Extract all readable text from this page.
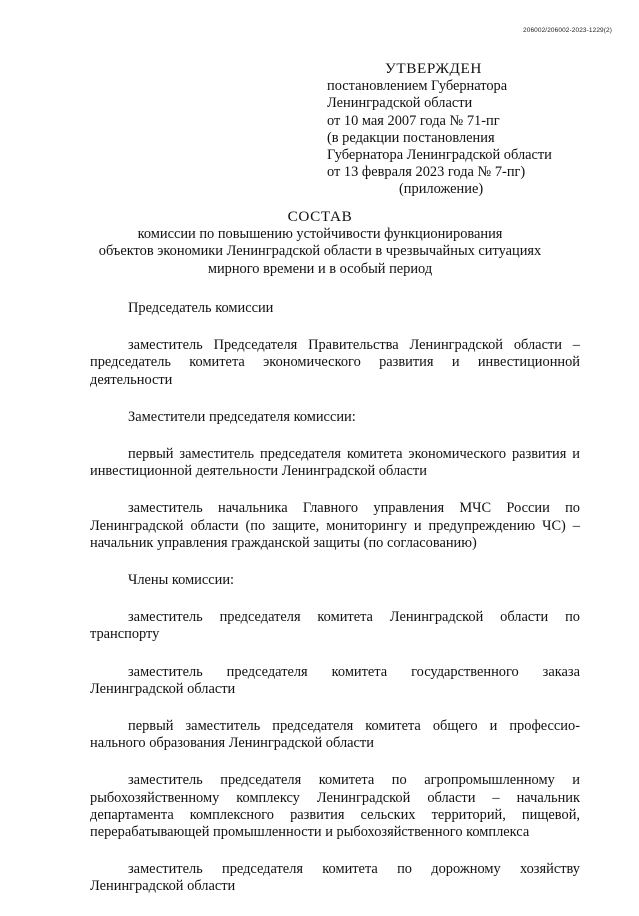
206002/206002-2023-1229(2)
УТВЕРЖДЕН
постановлением Губернатора
Ленинградской области
от 10 мая 2007 года № 71-пг
(в редакции постановления
Губернатора Ленинградской области
от 13 февраля 2023 года № 7-пг)
(приложение)
СОСТАВ
комиссии по повышению устойчивости функционирования
объектов экономики Ленинградской области в чрезвычайных ситуациях
мирного времени и в особый период

Председатель комиссии

заместитель Председателя Правительства Ленинградской области – председатель комитета экономического развития и инвестиционной деятельности

Заместители председателя комиссии:

первый заместитель председателя комитета экономического развития и инвестиционной деятельности Ленинградской области

заместитель начальника Главного управления МЧС России по Ленинградской области (по защите, мониторингу и предупреждению ЧС) – начальник управления гражданской защиты (по согласованию)

Члены комиссии:

заместитель председателя комитета Ленинградской области по транспорту

заместитель председателя комитета государственного заказа Ленинградской области

первый заместитель председателя комитета общего и профессио-нального образования Ленинградской области

заместитель председателя комитета по агропромышленному и рыбохозяйственному комплексу Ленинградской области – начальник департамента комплексного развития сельских территорий, пищевой, перерабатывающей промышленности и рыбохозяйственного комплекса

заместитель председателя комитета по дорожному хозяйству Ленинградской области
